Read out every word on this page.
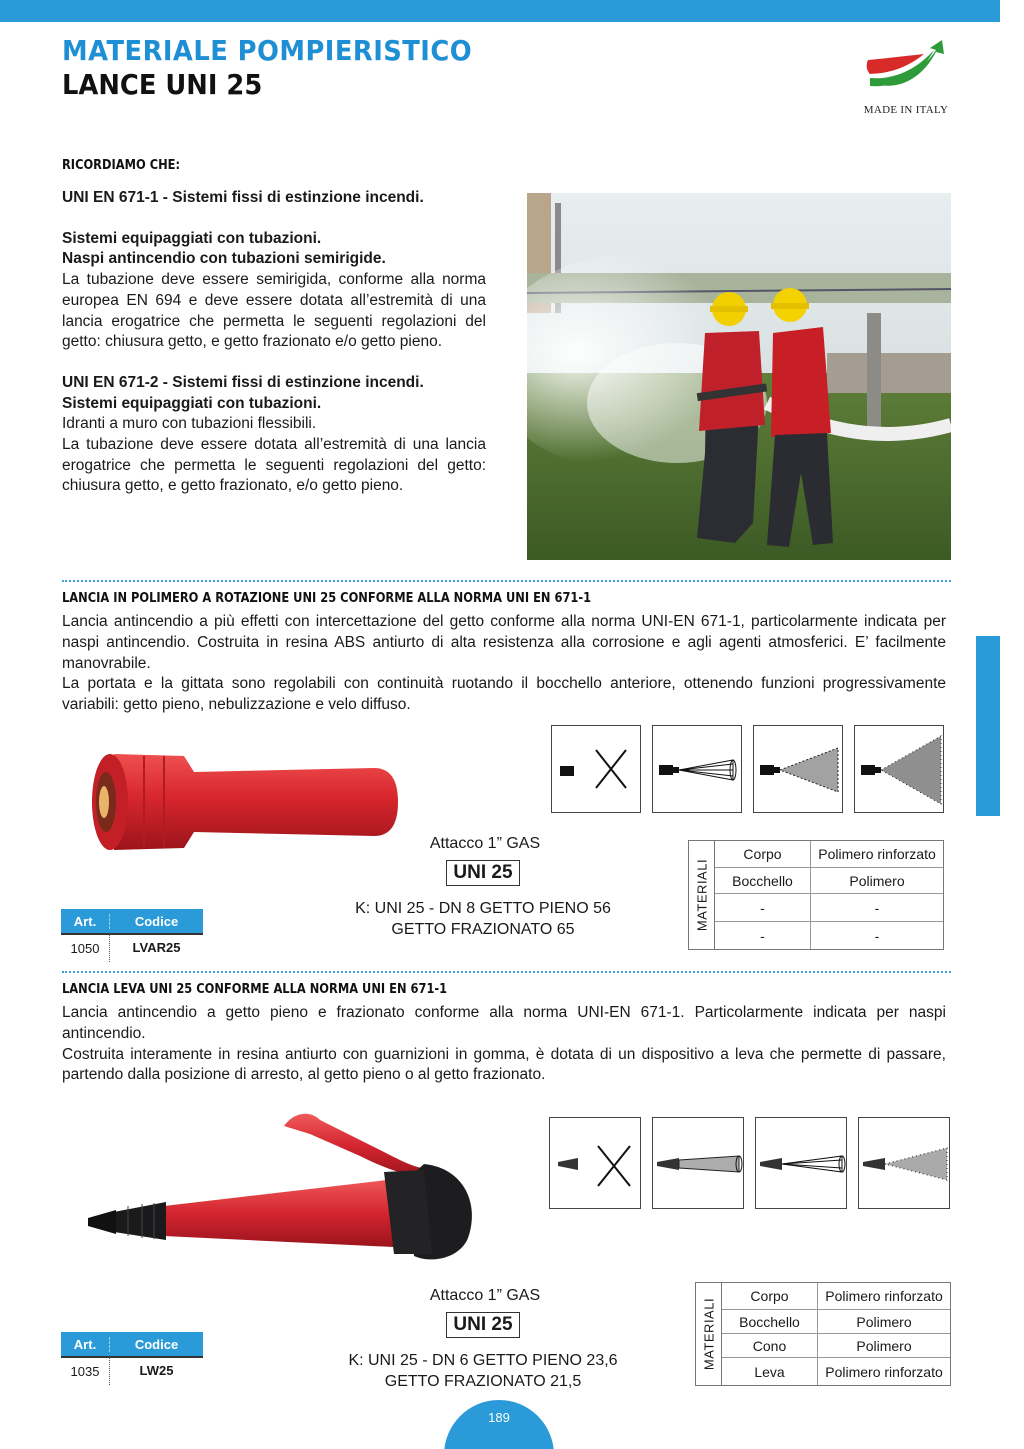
MATERIALE POMPIERISTICO
LANCE UNI 25
MADE IN ITALY
RICORDIAMO CHE:

UNI EN 671-1 - Sistemi fissi di estinzione incendi.

Sistemi equipaggiati con tubazioni.

Naspi antincendio con tubazioni semirigide.

La tubazione deve essere semirigida, conforme alla norma europea EN 694 e deve essere dotata all’estremità di una lancia erogatrice che permetta le seguenti regolazioni del getto: chiusura getto, e getto frazionato e/o getto pieno.

UNI EN 671-2 - Sistemi fissi di estinzione incendi.

Sistemi equipaggiati con tubazioni.

Idranti a muro con tubazioni flessibili.

La tubazione deve essere dotata all’estremità di una lancia erogatrice che permetta le seguenti regolazioni del getto: chiusura getto, e getto frazionato, e/o getto pieno.

LANCIA IN POLIMERO A ROTAZIONE UNI 25 CONFORME ALLA NORMA UNI EN 671-1

Lancia antincendio a più effetti con intercettazione del getto conforme alla norma UNI-EN 671-1, particolarmente indicata per naspi antincendio. Costruita in resina ABS antiurto di alta resistenza alla corrosione e agli agenti atmosferici. E’ facilmente manovrabile.

La portata e la gittata sono regolabili con continuità ruotando il bocchello anteriore, ottenendo funzioni progressivamente variabili: getto pieno, nebulizzazione e velo diffuso.

Attacco 1” GAS
UNI 25
K: UNI 25 - DN 8 GETTO PIENO 56
GETTO FRAZIONATO 65
Art.	Codice
1050	LVAR25
MATERIALI
Corpo	Polimero rinforzato
Bocchello	Polimero
-	-
-	-
LANCIA LEVA UNI 25 CONFORME ALLA NORMA UNI EN 671-1

Lancia antincendio a getto pieno e frazionato conforme alla norma UNI-EN 671-1. Particolarmente indicata per naspi antincendio.

Costruita interamente in resina antiurto con guarnizioni in gomma, è dotata di un dispositivo a leva che permette di passare, partendo dalla posizione di arresto, al getto pieno o al getto frazionato.

Attacco 1” GAS
UNI 25
K: UNI 25 - DN 6 GETTO PIENO 23,6
GETTO FRAZIONATO 21,5
Art.	Codice
1035	LW25
MATERIALI
Corpo	Polimero rinforzato
Bocchello	Polimero
Cono	Polimero
Leva	Polimero rinforzato
189
